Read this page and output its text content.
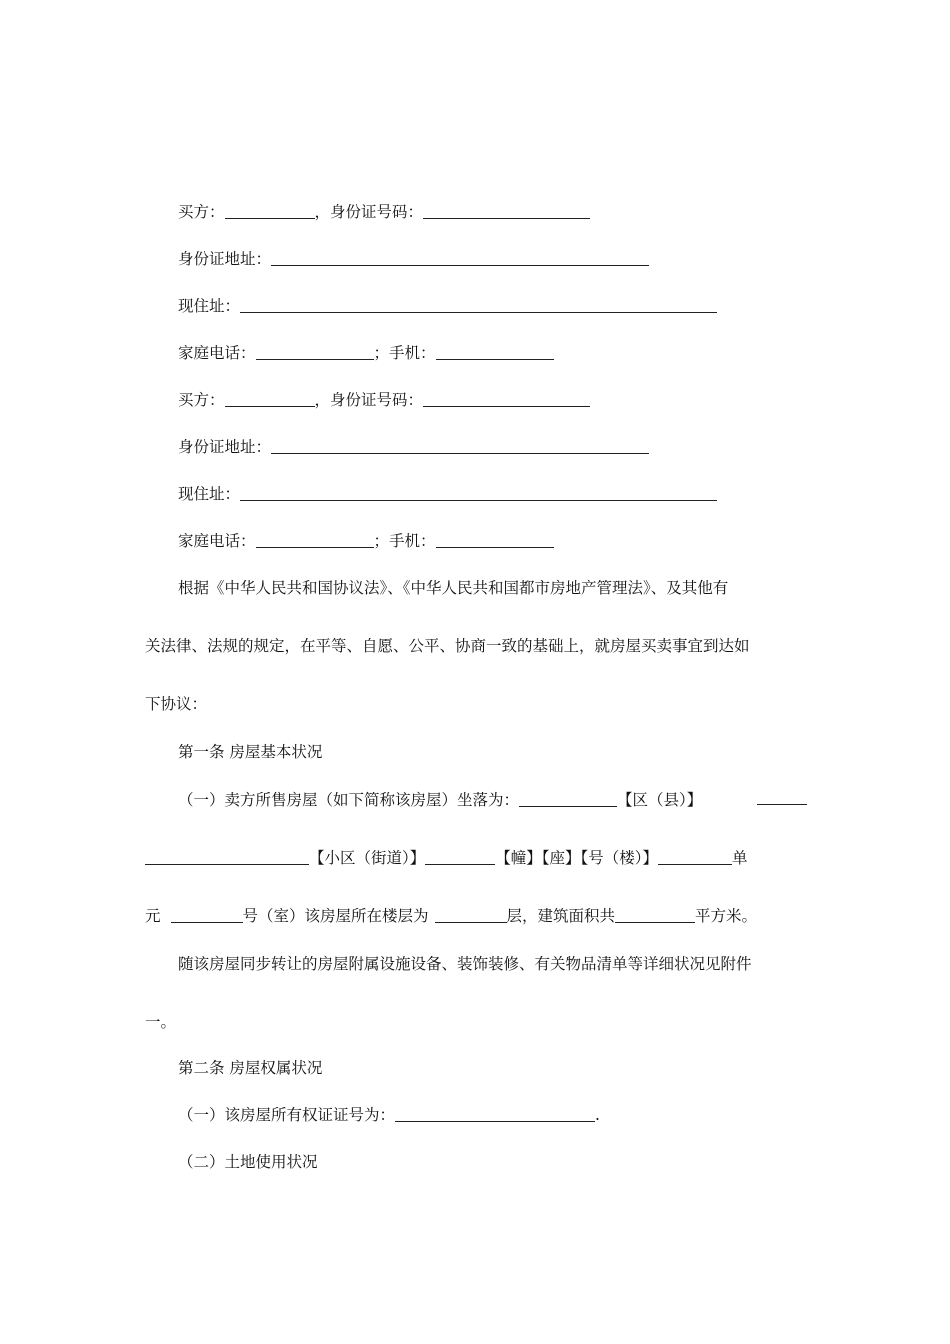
买方：	，身份证号码：
身份证地址：
现住址：
家庭电话：	；手机：
买方：	，身份证号码：
身份证地址：
现住址：
家庭电话：	；手机：
根据《中华人民共和国协议法》、《中华人民共和国都市房地产管理法》、及其他有
关法律、法规的规定，在平等、自愿、公平、协商一致的基础上，就房屋买卖事宜到达如
下协议：
第一条 房屋基本状况
（一）卖方所售房屋（如下简称该房屋）坐落为：	【区（县）】
【小区（街道）】	【幢】【座】【号（楼）】	单
元	号（室）该房屋所在楼层为	层，建筑面积共	平方米。
随该房屋同步转让的房屋附属设施设备、装饰装修、有关物品清单等详细状况见附件
一。
第二条 房屋权属状况
（一）该房屋所有权证证号为：	.
（二）土地使用状况
